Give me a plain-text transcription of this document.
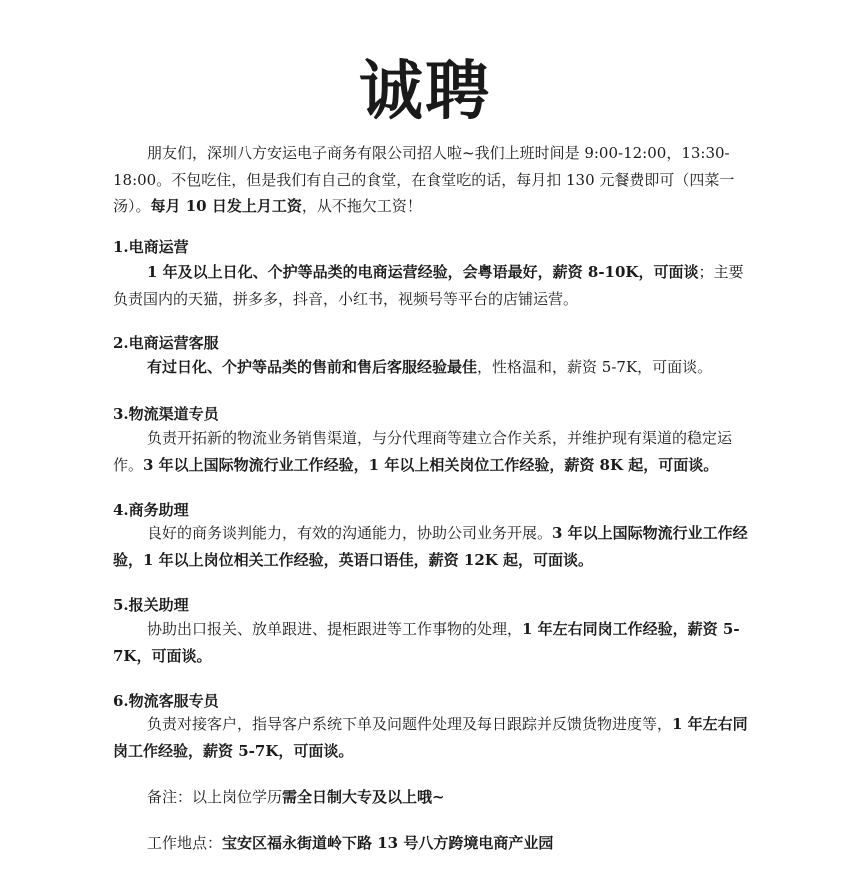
诚聘

朋友们，深圳八方安运电子商务有限公司招人啦~我们上班时间是 9:00-12:00，13:30-18:00。不包吃住，但是我们有自己的食堂，在食堂吃的话，每月扣 130 元餐费即可（四菜一汤）。每月 10 日发上月工资，从不拖欠工资！

1.电商运营

1 年及以上日化、个护等品类的电商运营经验，会粤语最好，薪资 8-10K，可面谈；主要负责国内的天猫，拼多多，抖音，小红书，视频号等平台的店铺运营。

2.电商运营客服

有过日化、个护等品类的售前和售后客服经验最佳，性格温和，薪资 5-7K，可面谈。

3.物流渠道专员

负责开拓新的物流业务销售渠道，与分代理商等建立合作关系，并维护现有渠道的稳定运作。3 年以上国际物流行业工作经验，1 年以上相关岗位工作经验，薪资 8K 起，可面谈。

4.商务助理

良好的商务谈判能力，有效的沟通能力，协助公司业务开展。3 年以上国际物流行业工作经验，1 年以上岗位相关工作经验，英语口语佳，薪资 12K 起，可面谈。

5.报关助理

协助出口报关、放单跟进、提柜跟进等工作事物的处理，1 年左右同岗工作经验，薪资 5-7K，可面谈。

6.物流客服专员

负责对接客户，指导客户系统下单及问题件处理及每日跟踪并反馈货物进度等，1 年左右同岗工作经验，薪资 5-7K，可面谈。

备注：以上岗位学历需全日制大专及以上哦~

工作地点：宝安区福永街道岭下路 13 号八方跨境电商产业园
